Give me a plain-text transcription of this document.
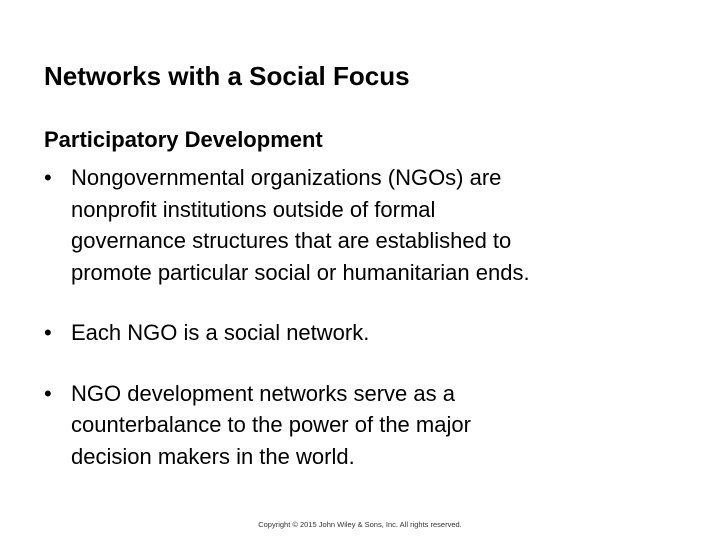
Networks with a Social Focus
Participatory Development
• Nongovernmental organizations (NGOs) are
nonprofit institutions outside of formal
governance structures that are established to
promote particular social or humanitarian ends.
• Each NGO is a social network.
• NGO development networks serve as a
counterbalance to the power of the major
decision makers in the world.
Copyright © 2015 John Wiley & Sons, Inc. All rights reserved.
